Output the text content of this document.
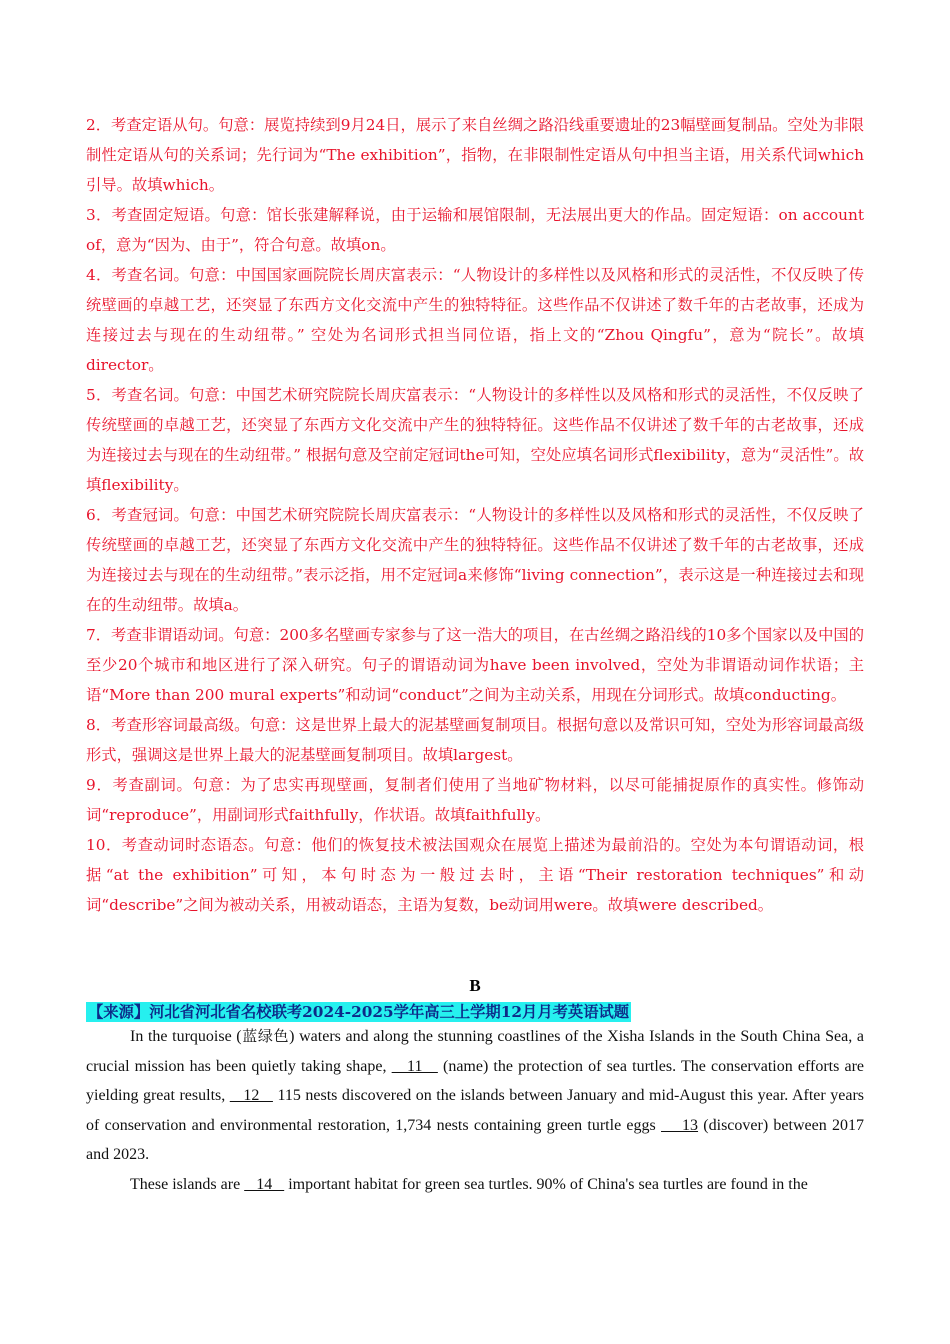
2．考查定语从句。句意：展览持续到9月24日，展示了来自丝绸之路沿线重要遗址的23幅壁画复制品。空处为非限制性定语从句的关系词；先行词为“The exhibition”，指物，在非限制性定语从句中担当主语，用关系代词which引导。故填which。

3．考查固定短语。句意：馆长张建解释说，由于运输和展馆限制，无法展出更大的作品。固定短语：on account of，意为“因为、由于”，符合句意。故填on。

4．考查名词。句意：中国国家画院院长周庆富表示：“人物设计的多样性以及风格和形式的灵活性，不仅反映了传统壁画的卓越工艺，还突显了东西方文化交流中产生的独特特征。这些作品不仅讲述了数千年的古老故事，还成为连接过去与现在的生动纽带。” 空处为名词形式担当同位语，指上文的“Zhou Qingfu”，意为“院长”。故填director。

5．考查名词。句意：中国艺术研究院院长周庆富表示：“人物设计的多样性以及风格和形式的灵活性，不仅反映了传统壁画的卓越工艺，还突显了东西方文化交流中产生的独特特征。这些作品不仅讲述了数千年的古老故事，还成为连接过去与现在的生动纽带。” 根据句意及空前定冠词the可知，空处应填名词形式flexibility，意为“灵活性”。故填flexibility。

6．考查冠词。句意：中国艺术研究院院长周庆富表示：“人物设计的多样性以及风格和形式的灵活性，不仅反映了传统壁画的卓越工艺，还突显了东西方文化交流中产生的独特特征。这些作品不仅讲述了数千年的古老故事，还成为连接过去与现在的生动纽带。”表示泛指，用不定冠词a来修饰“living connection”，表示这是一种连接过去和现在的生动纽带。故填a。

7．考查非谓语动词。句意：200多名壁画专家参与了这一浩大的项目，在古丝绸之路沿线的10多个国家以及中国的至少20个城市和地区进行了深入研究。句子的谓语动词为have been involved，空处为非谓语动词作状语；主语“More than 200 mural experts”和动词“conduct”之间为主动关系，用现在分词形式。故填conducting。

8．考查形容词最高级。句意：这是世界上最大的泥基壁画复制项目。根据句意以及常识可知，空处为形容词最高级形式，强调这是世界上最大的泥基壁画复制项目。故填largest。

9．考查副词。句意：为了忠实再现壁画，复制者们使用了当地矿物材料，以尽可能捕捉原作的真实性。修饰动词“reproduce”，用副词形式faithfully，作状语。故填faithfully。

10．考查动词时态语态。句意：他们的恢复技术被法国观众在展览上描述为最前沿的。空处为本句谓语动词，根据“at the exhibition”可知，本句时态为一般过去时，主语“Their restoration techniques”和动词“describe”之间为被动关系，用被动语态，主语为复数，be动词用were。故填were described。

B
【来源】河北省河北省名校联考2024-2025学年高三上学期12月月考英语试题

In the turquoise (蓝绿色) waters and along the stunning coastlines of the Xisha Islands in the South China Sea, a crucial mission has been quietly taking shape,    11    (name) the protection of sea turtles. The conservation efforts are yielding great results,    12    115 nests discovered on the islands between January and mid-August this year. After years of conservation and environmental restoration, 1,734 nests containing green turtle eggs     13 (discover) between 2017 and 2023.

These islands are    14    important habitat for green sea turtles. 90% of China's sea turtles are found in the
